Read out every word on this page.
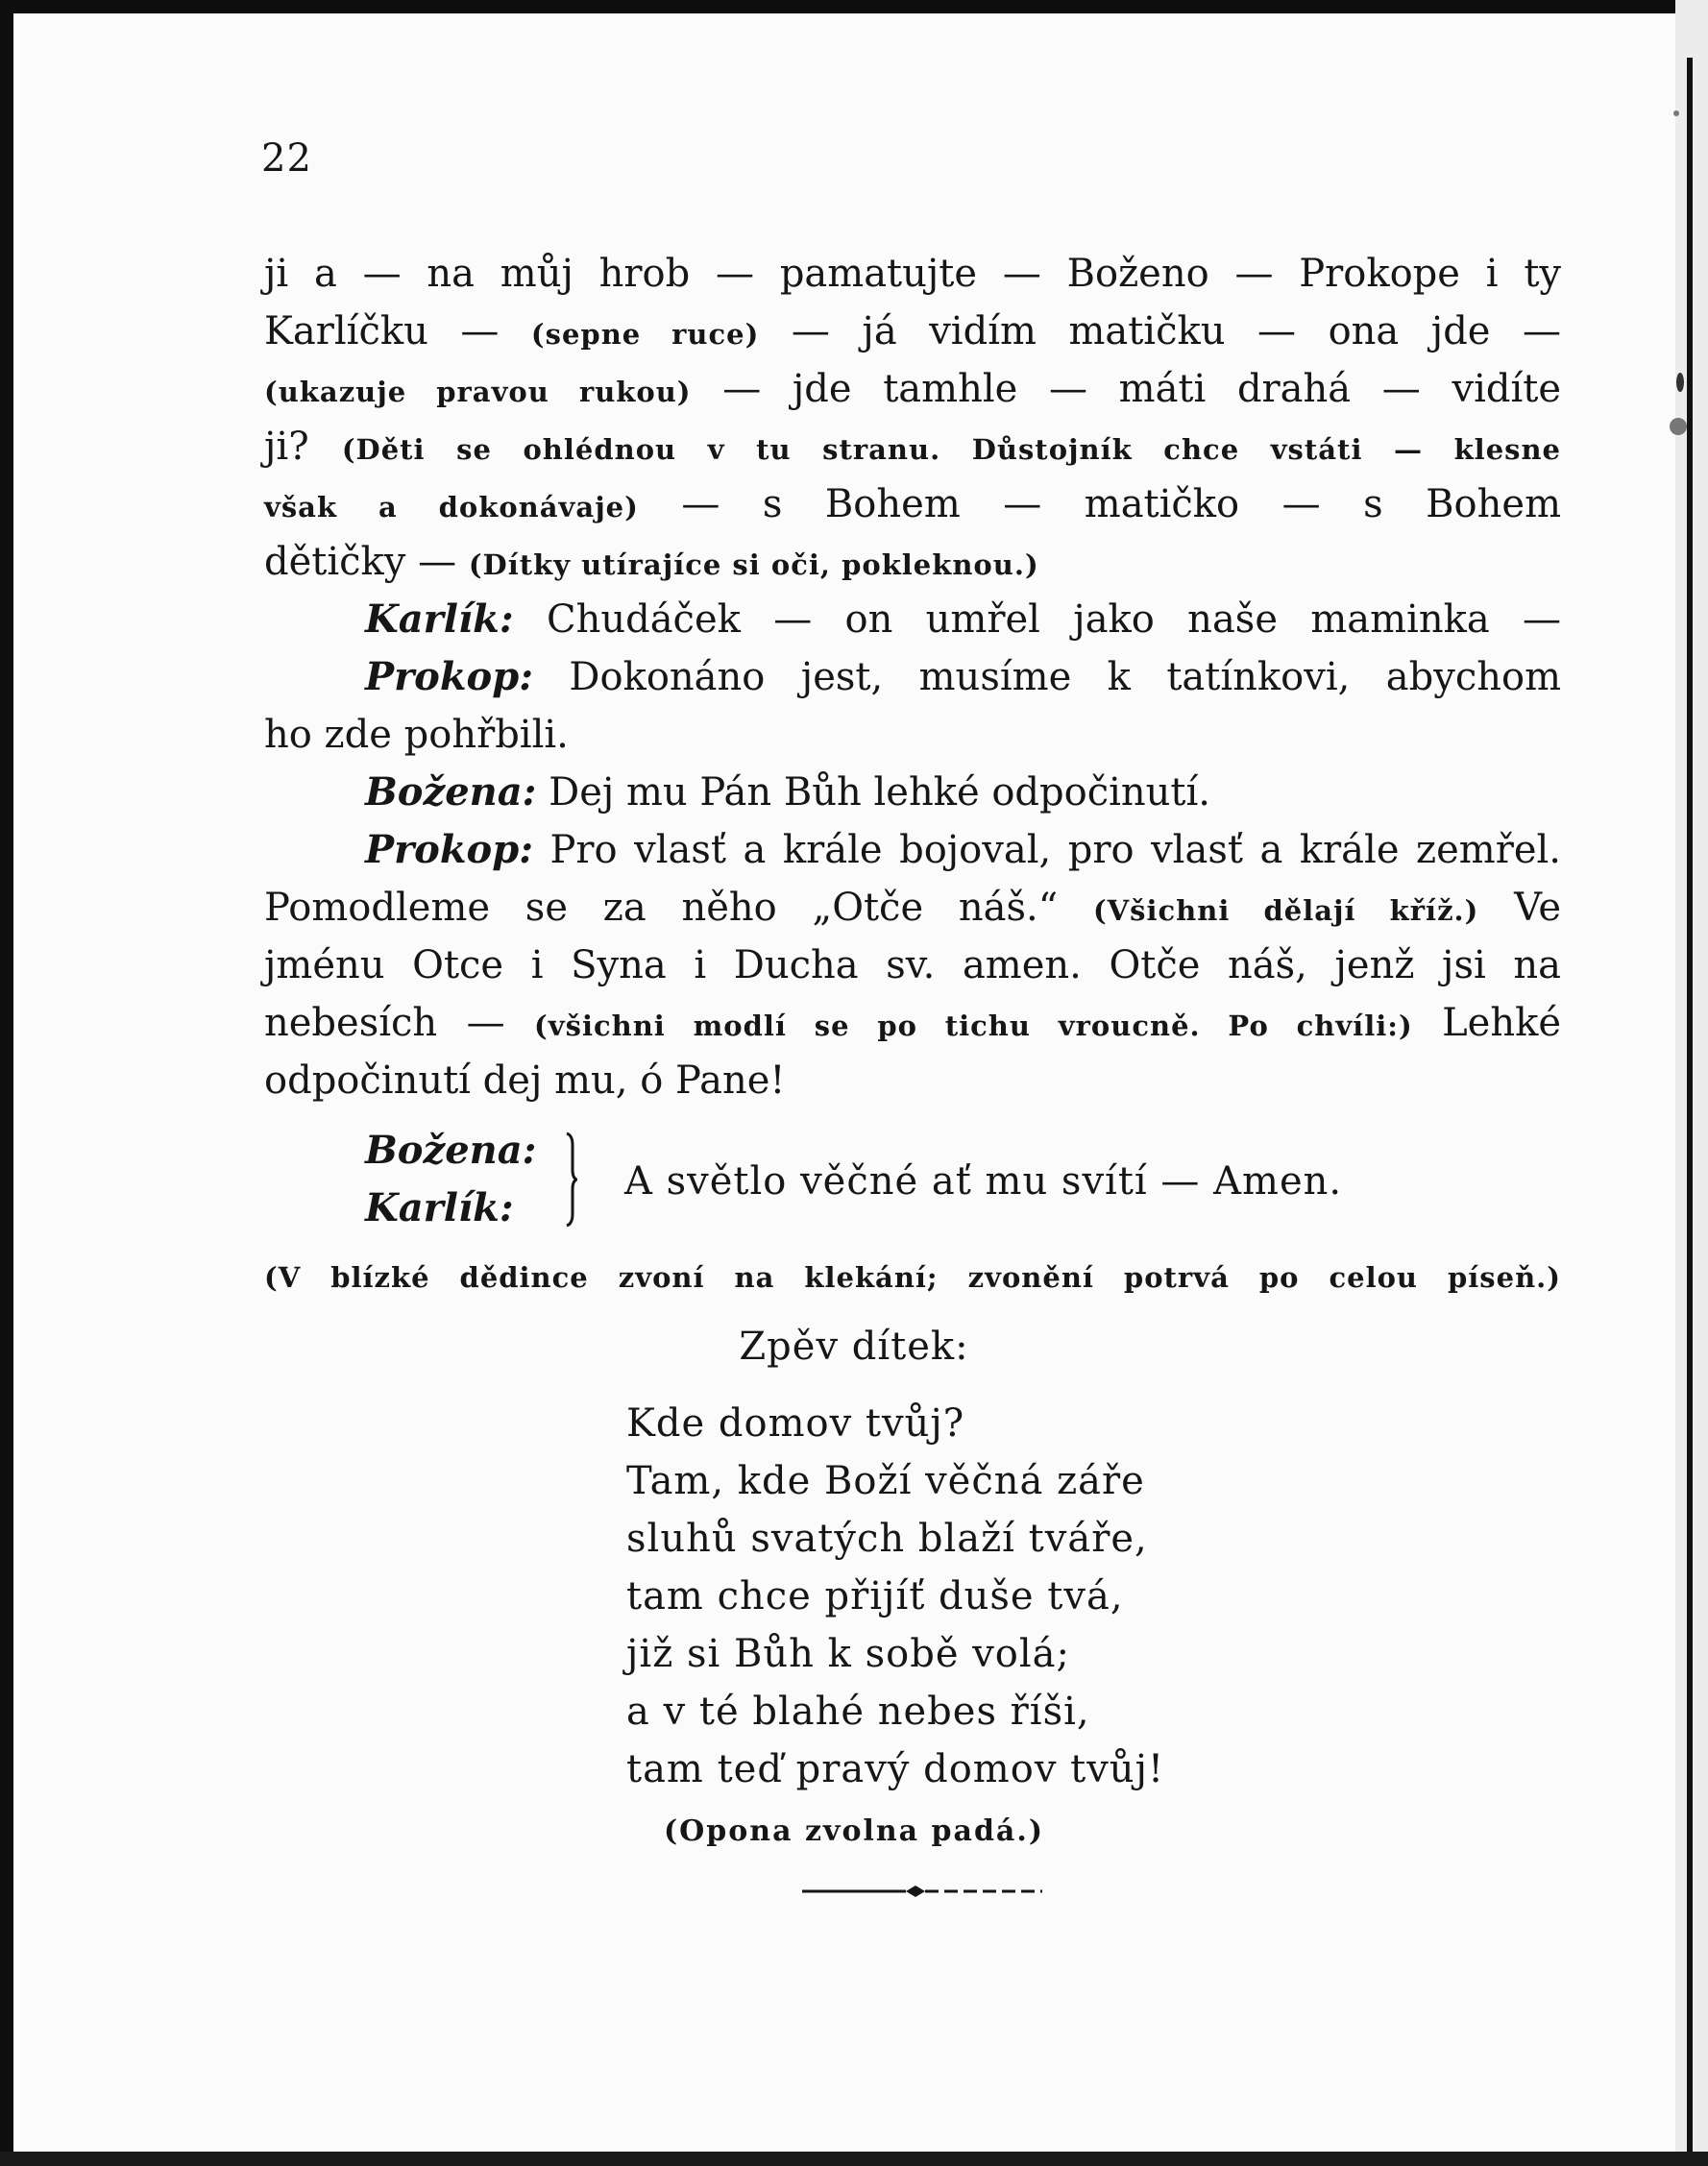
22
ji a — na můj hrob — pamatujte — Boženo — Prokope i ty
Karlíčku — (sepne ruce) — já vidím matičku — ona jde —
(ukazuje pravou rukou) — jde tamhle — máti drahá — vidíte
ji? (Děti se ohlédnou v tu stranu. Důstojník chce vstáti — klesne
však a dokonávaje) — s Bohem — matičko — s Bohem
dětičky — (Dítky utírajíce si oči, pokleknou.)
Karlík: Chudáček — on umřel jako naše maminka —
Prokop: Dokonáno jest, musíme k tatínkovi, abychom
ho zde pohřbili.
Božena: Dej mu Pán Bůh lehké odpočinutí.
Prokop: Pro vlasť a krále bojoval, pro vlasť a krále zemřel.
Pomodleme se za něho „Otče náš.“ (Všichni dělají kříž.) Ve
jménu Otce i Syna i Ducha sv. amen. Otče náš, jenž jsi na
nebesích — (všichni modlí se po tichu vroucně. Po chvíli:) Lehké
odpočinutí dej mu, ó Pane!
Božena:
Karlík:
A světlo věčné ať mu svítí — Amen.
(V blízké dědince zvoní na klekání; zvonění potrvá po celou píseň.)
Zpěv dítek:
Kde domov tvůj?
Tam, kde Boží věčná záře
sluhů svatých blaží tváře,
tam chce přijíť duše tvá,
již si Bůh k sobě volá;
a v té blahé nebes říši,
tam teď pravý domov tvůj!
(Opona zvolna padá.)
